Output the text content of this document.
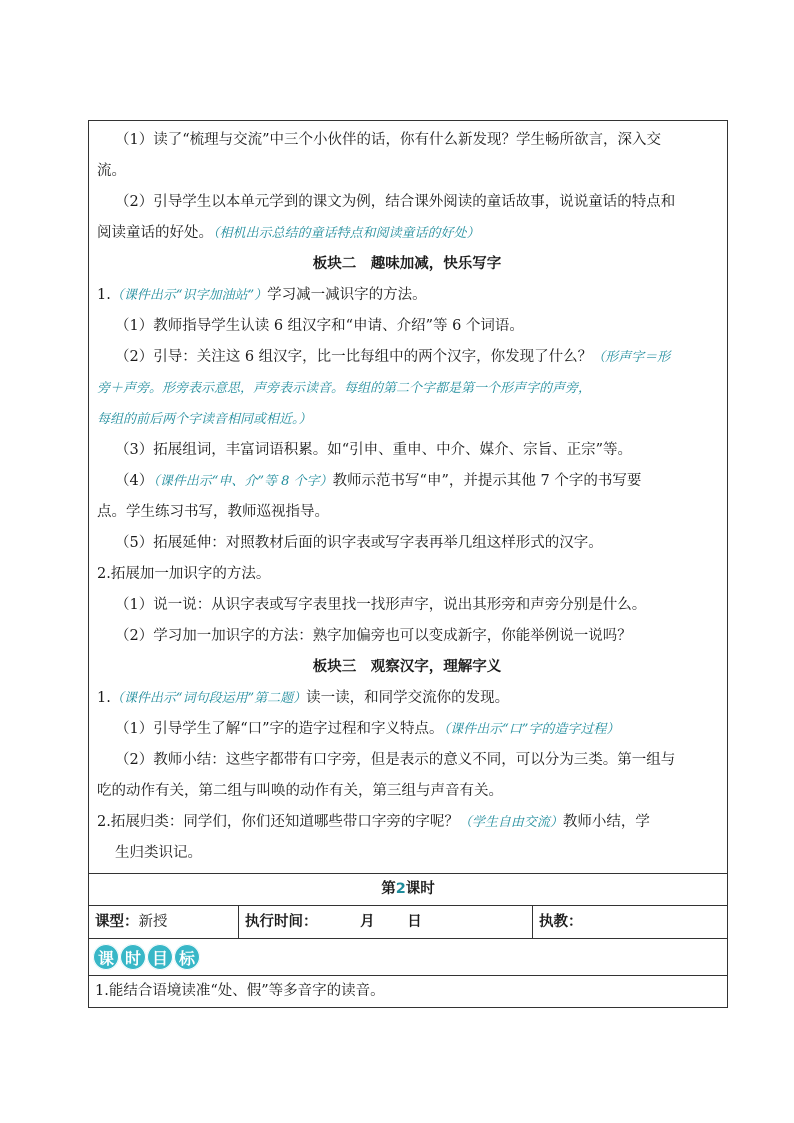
（1）读了“梳理与交流”中三个小伙伴的话，你有什么新发现？学生畅所欲言，深入交
流。
（2）引导学生以本单元学到的课文为例，结合课外阅读的童话故事，说说童话的特点和
阅读童话的好处。（相机出示总结的童话特点和阅读童话的好处）
板块二　趣味加减，快乐写字
1.（课件出示“识字加油站”）学习减一减识字的方法。
（1）教师指导学生认读 6 组汉字和“申请、介绍”等 6 个词语。
（2）引导：关注这 6 组汉字，比一比每组中的两个汉字，你发现了什么？（形声字＝形
旁＋声旁。形旁表示意思，声旁表示读音。每组的第二个字都是第一个形声字的声旁，
每组的前后两个字读音相同或相近。）
（3）拓展组词，丰富词语积累。如“引申、重申、中介、媒介、宗旨、正宗”等。
（4）（课件出示“申、介”等 8 个字）教师示范书写“申”，并提示其他 7 个字的书写要
点。学生练习书写，教师巡视指导。
（5）拓展延伸：对照教材后面的识字表或写字表再举几组这样形式的汉字。
2.拓展加一加识字的方法。
（1）说一说：从识字表或写字表里找一找形声字，说出其形旁和声旁分别是什么。
（2）学习加一加识字的方法：熟字加偏旁也可以变成新字，你能举例说一说吗？
板块三　观察汉字，理解字义
1.（课件出示“词句段运用”第二题）读一读，和同学交流你的发现。
（1）引导学生了解“口”字的造字过程和字义特点。（课件出示“口”字的造字过程）
（2）教师小结：这些字都带有口字旁，但是表示的意义不同，可以分为三类。第一组与
吃的动作有关，第二组与叫唤的动作有关，第三组与声音有关。
2.拓展归类：同学们，你们还知道哪些带口字旁的字呢？（学生自由交流）教师小结，学
生归类识记。
第2课时
课型：新授	执行时间：	月 日	执教：
课 时 目 标
1.能结合语境读准“处、假”等多音字的读音。
